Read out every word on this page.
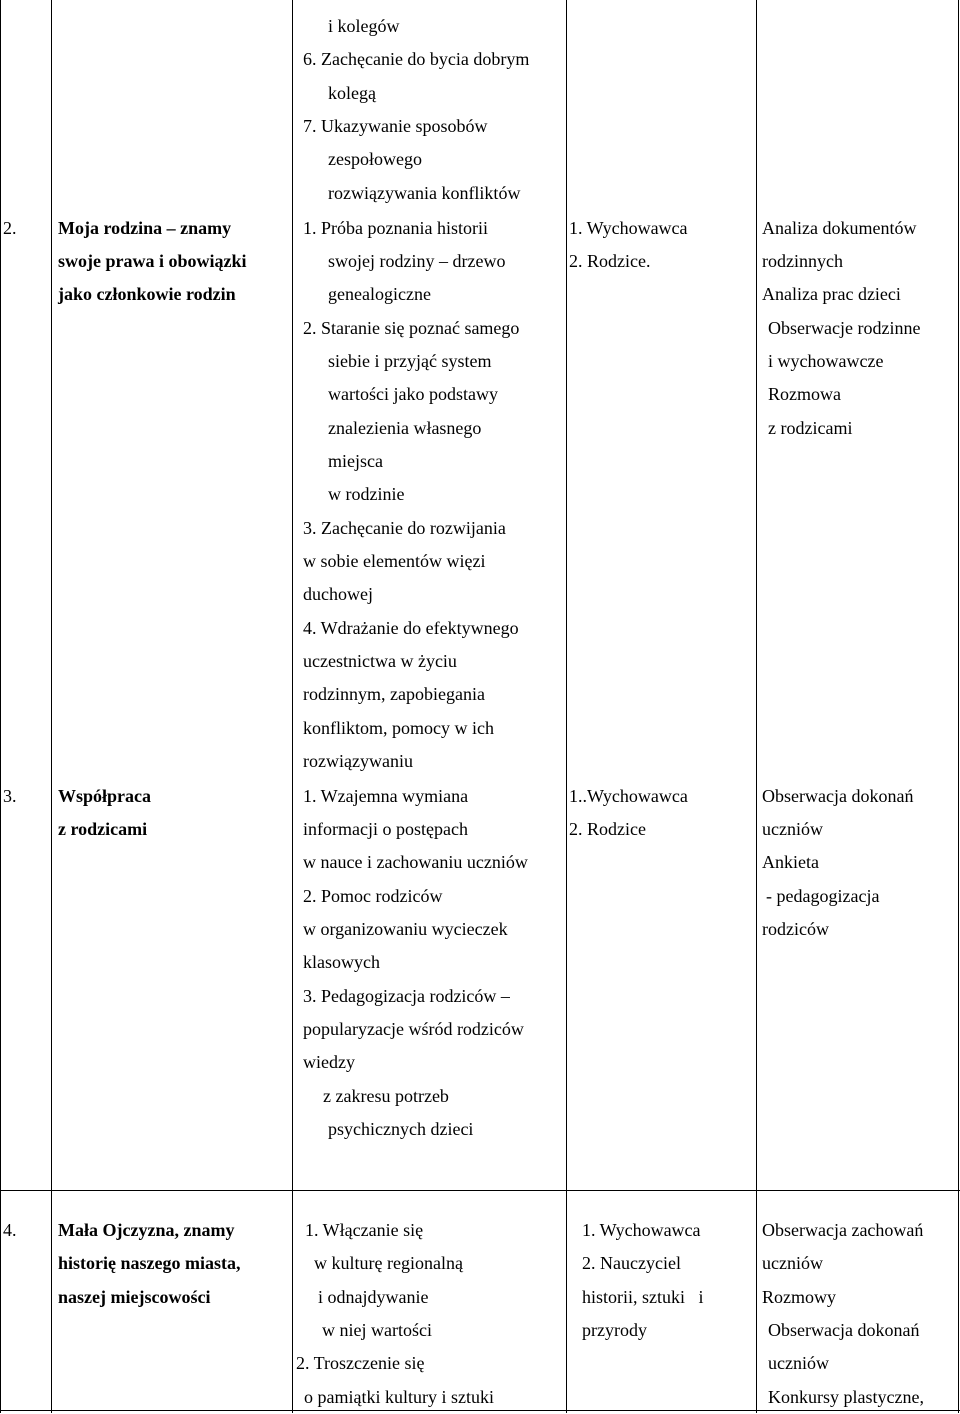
i kolegów
6. Zachęcanie do bycia dobrym
kolegą
7. Ukazywanie sposobów
zespołowego
rozwiązywania konfliktów
2. Moja rodzina – znamy
swoje prawa i obowiązki
jako członkowie rodzin
1. Próba poznania historii
swojej rodziny – drzewo
genealogiczne
2. Staranie się poznać samego
siebie i przyjąć system
wartości jako podstawy
znalezienia własnego
miejsca
w rodzinie
3. Zachęcanie do rozwijania
w sobie elementów więzi
duchowej
4. Wdrażanie do efektywnego
uczestnictwa w życiu
rodzinnym, zapobiegania
konfliktom, pomocy w ich
rozwiązywaniu
1. Wychowawca
2. Rodzice.
Analiza dokumentów
rodzinnych
Analiza prac dzieci
Obserwacje rodzinne
i wychowawcze
Rozmowa
z rodzicami
3. Współpraca
z rodzicami
1. Wzajemna wymiana
informacji o postępach
w nauce i zachowaniu uczniów
2. Pomoc rodziców
w organizowaniu wycieczek
klasowych
3. Pedagogizacja rodziców –
popularyzacje wśród rodziców
wiedzy
z zakresu potrzeb
psychicznych dzieci
1..Wychowawca
2. Rodzice
Obserwacja dokonań
uczniów
Ankieta
- pedagogizacja
rodziców
4. Mała Ojczyzna, znamy
historię naszego miasta,
naszej miejscowości
1. Włączanie się
w kulturę regionalną
i odnajdywanie
w niej wartości
2. Troszczenie się
o pamiątki kultury i sztuki
1. Wychowawca
2. Nauczyciel
historii, sztuki   i
przyrody
Obserwacja zachowań
uczniów
Rozmowy
Obserwacja dokonań
uczniów
Konkursy plastyczne,
